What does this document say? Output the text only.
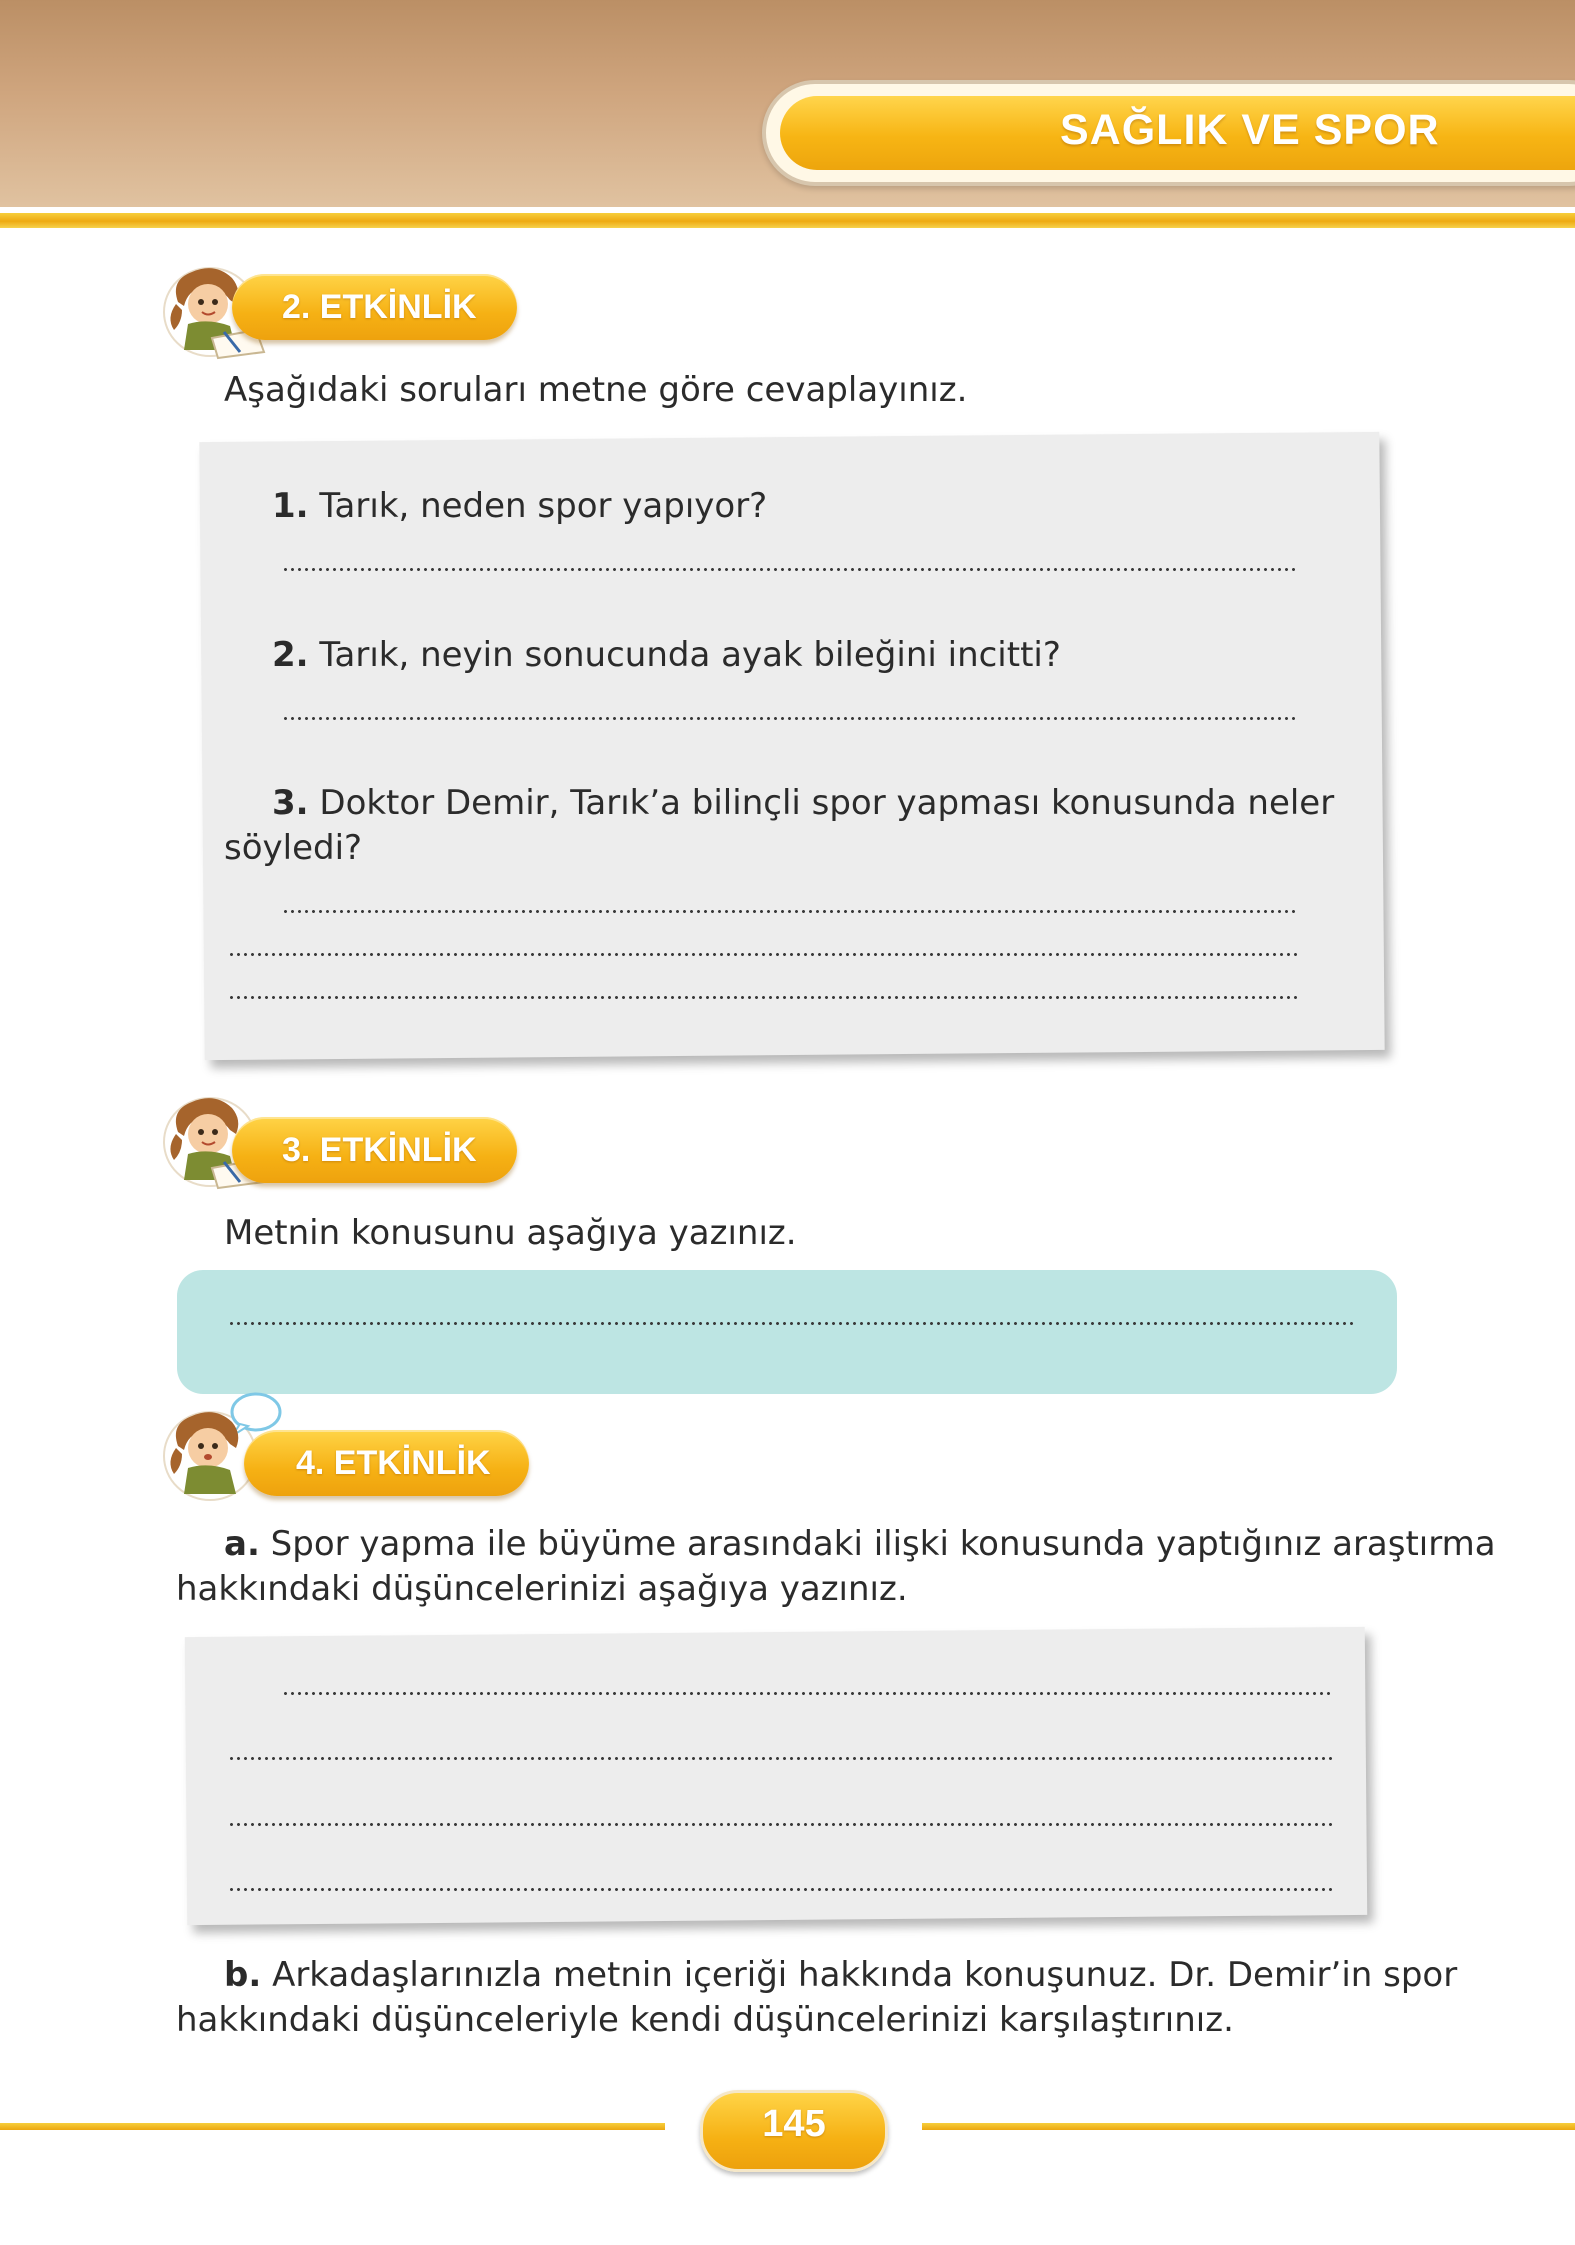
SAĞLIK VE SPOR
2. ETKİNLİK
Aşağıdaki soruları metne göre cevaplayınız.
1. Tarık, neden spor yapıyor?
2. Tarık, neyin sonucunda ayak bileğini incitti?
3. Doktor Demir, Tarık’a bilinçli spor yapması konusunda neler
söyledi?
3. ETKİNLİK
Metnin konusunu aşağıya yazınız.
4. ETKİNLİK
a. Spor yapma ile büyüme arasındaki ilişki konusunda yaptığınız araştırma
hakkındaki düşüncelerinizi aşağıya yazınız.
b. Arkadaşlarınızla metnin içeriği hakkında konuşunuz. Dr. Demir’in spor
hakkındaki düşünceleriyle kendi düşüncelerinizi karşılaştırınız.
145
